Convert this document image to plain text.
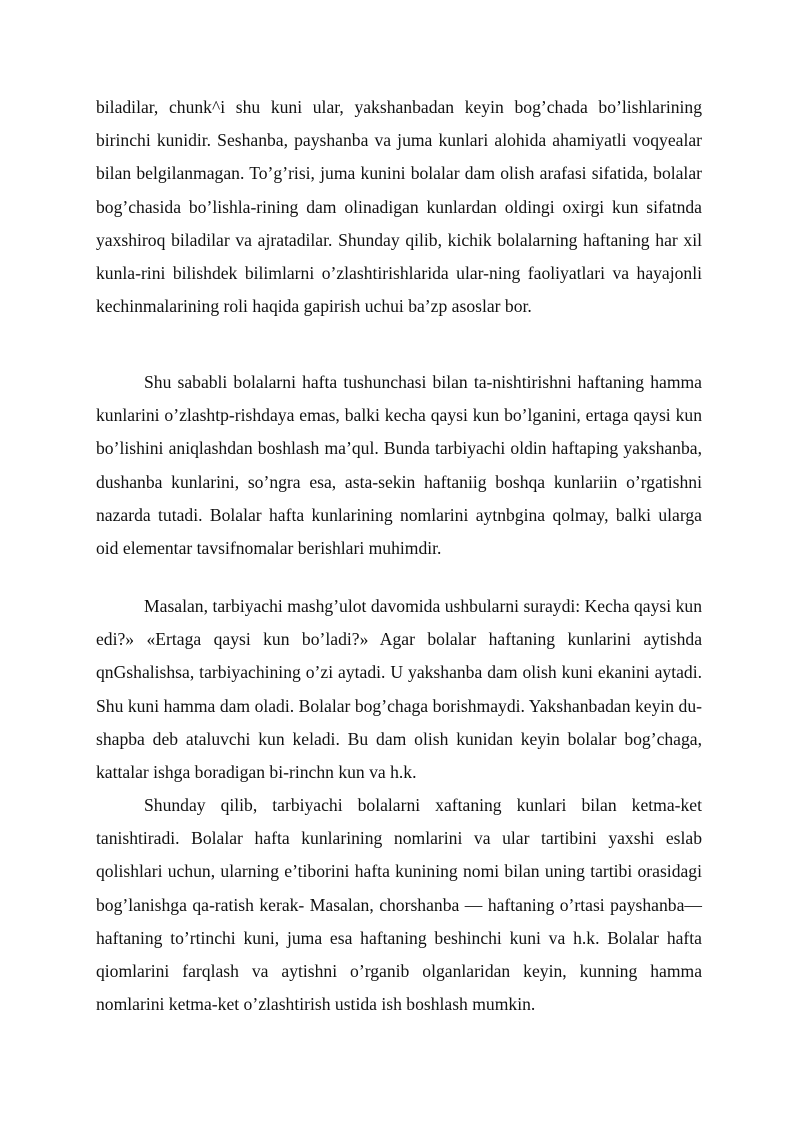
biladilar, chunk^i shu kuni ular, yakshanbadan keyin bog’chada bo’lishlarining birinchi kunidir. Seshanba, payshanba va juma kunlari alohida ahamiyatli voqyealar bilan belgilanmagan. To’g’risi, juma kunini bolalar dam olish arafasi sifatida, bolalar bog’chasida bo’lishla-rining dam olinadigan kunlardan oldingi oxirgi kun sifatnda yaxshiroq biladilar va ajratadilar. Shunday qilib, kichik bolalarning haftaning har xil kunla-rini bilishdek bilimlarni o’zlashtirishlarida ular-ning faoliyatlari va hayajonli kechinmalarining roli haqida gapirish uchui ba’zp asoslar bor.

Shu sababli bolalarni hafta tushunchasi bilan ta-nishtirishni haftaning hamma kunlarini o’zlashtp-rishdaya emas, balki kecha qaysi kun bo’lganini, ertaga qaysi kun bo’lishini aniqlashdan boshlash ma’qul. Bunda tarbiyachi oldin haftaping yakshanba, dushanba kunlarini, so’ngra esa, asta-sekin haftaniig boshqa kunlariin o’rgatishni nazarda tutadi. Bolalar hafta kunlarining nomlarini aytnbgina qolmay, balki ularga oid elementar tavsifnomalar berishlari muhimdir.

Masalan, tarbiyachi mashg’ulot davomida ushbularni suraydi: Kecha qaysi kun edi?» «Ertaga qaysi kun bo’ladi?» Agar bolalar haftaning kunlarini aytishda qnGshalishsa, tarbiyachining o’zi aytadi. U yakshanba dam olish kuni ekanini aytadi. Shu kuni hamma dam oladi. Bolalar bog’chaga borishmaydi. Yakshanbadan keyin du-shapba deb ataluvchi kun keladi. Bu dam olish kunidan keyin bolalar bog’chaga, kattalar ishga boradigan bi-rinchn kun va h.k.

Shunday qilib, tarbiyachi bolalarni xaftaning kunlari bilan ketma-ket tanishtiradi. Bolalar hafta kunlarining nomlarini va ular tartibini yaxshi eslab qolishlari uchun, ularning e’tiborini hafta kunining nomi bilan uning tartibi orasidagi bog’lanishga qa-ratish kerak- Masalan, chorshanba — haftaning o’rtasi payshanba—haftaning to’rtinchi kuni, juma esa haftaning beshinchi kuni va h.k. Bolalar hafta qiomlarini farqlash va aytishni o’rganib olganlaridan keyin, kunning hamma nomlarini ketma-ket o’zlashtirish ustida ish boshlash mumkin.
